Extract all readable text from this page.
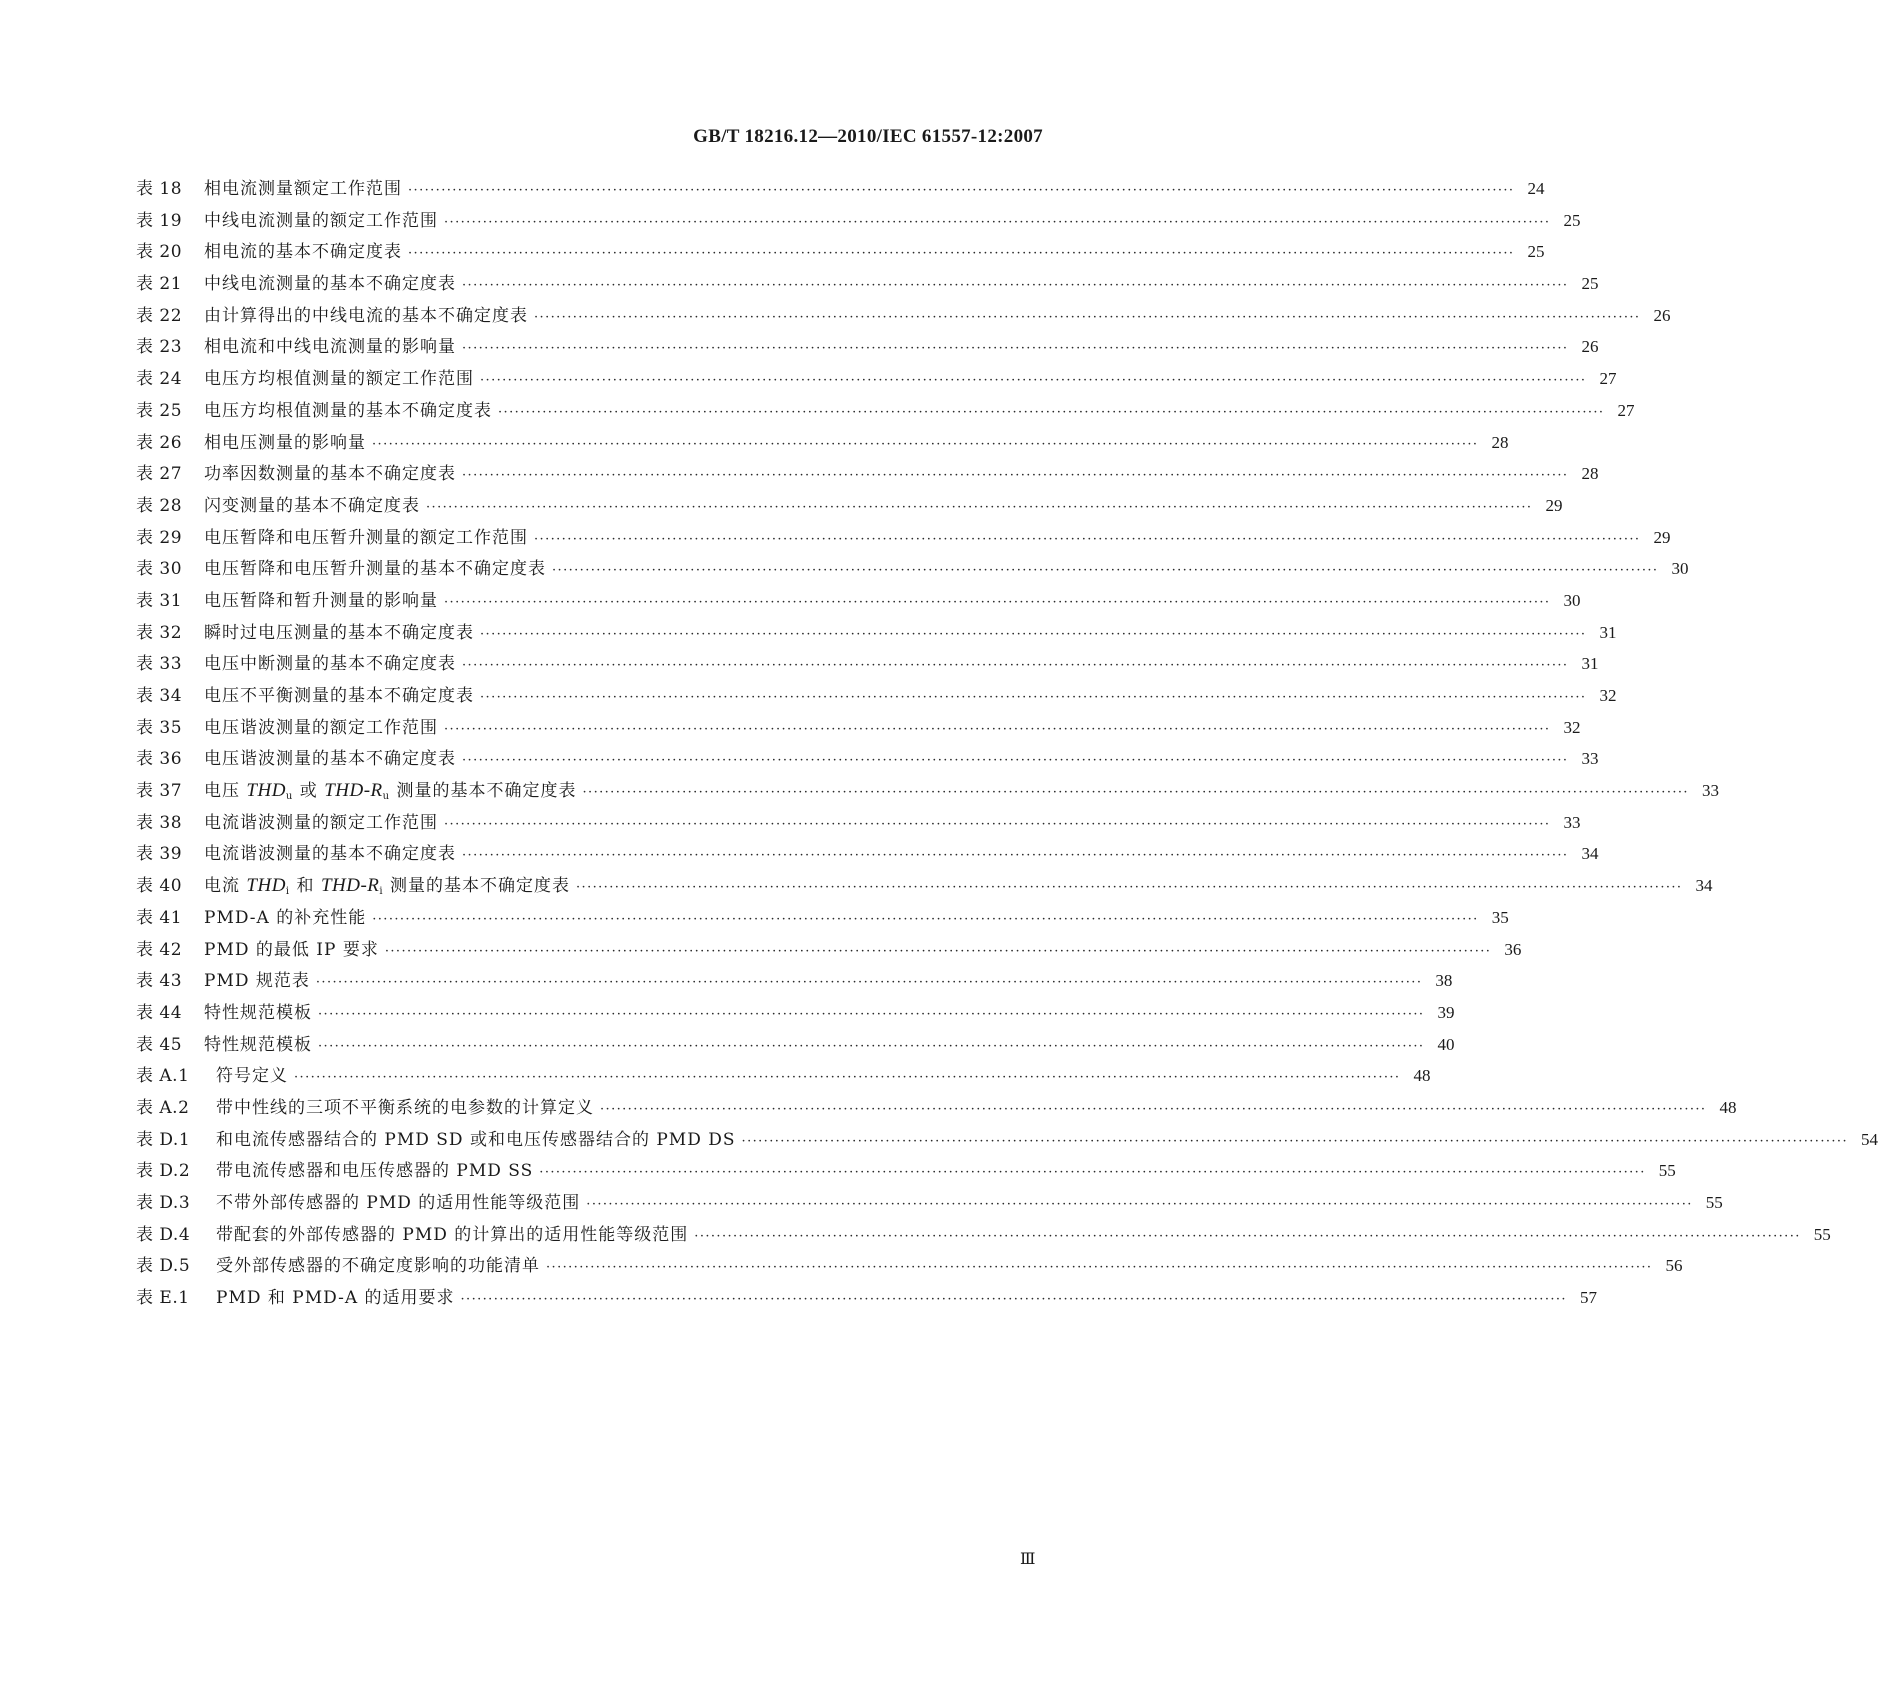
GB/T 18216.12—2010/IEC 61557-12:2007
表 18	相电流测量额定工作范围 ········································································································································································································ 24
表 19	中线电流测量的额定工作范围 ········································································································································································································ 25
表 20	相电流的基本不确定度表 ········································································································································································································ 25
表 21	中线电流测量的基本不确定度表 ········································································································································································································ 25
表 22	由计算得出的中线电流的基本不确定度表 ········································································································································································································ 26
表 23	相电流和中线电流测量的影响量 ········································································································································································································ 26
表 24	电压方均根值测量的额定工作范围 ········································································································································································································ 27
表 25	电压方均根值测量的基本不确定度表 ········································································································································································································ 27
表 26	相电压测量的影响量 ········································································································································································································ 28
表 27	功率因数测量的基本不确定度表 ········································································································································································································ 28
表 28	闪变测量的基本不确定度表 ········································································································································································································ 29
表 29	电压暂降和电压暂升测量的额定工作范围 ········································································································································································································ 29
表 30	电压暂降和电压暂升测量的基本不确定度表 ········································································································································································································ 30
表 31	电压暂降和暂升测量的影响量 ········································································································································································································ 30
表 32	瞬时过电压测量的基本不确定度表 ········································································································································································································ 31
表 33	电压中断测量的基本不确定度表 ········································································································································································································ 31
表 34	电压不平衡测量的基本不确定度表 ········································································································································································································ 32
表 35	电压谐波测量的额定工作范围 ········································································································································································································ 32
表 36	电压谐波测量的基本不确定度表 ········································································································································································································ 33
表 37	电压 $THD_u$ 或 THD-$R_u$ 测量的基本不确定度表 ········································································································································································································ 33
表 38	电流谐波测量的额定工作范围 ········································································································································································································ 33
表 39	电流谐波测量的基本不确定度表 ········································································································································································································ 34
表 40	电流 $THD_i$ 和 THD-$R_i$ 测量的基本不确定度表 ········································································································································································································ 34
表 41	PMD-A 的补充性能 ········································································································································································································ 35
表 42	PMD 的最低 IP 要求 ········································································································································································································ 36
表 43	PMD 规范表 ········································································································································································································ 38
表 44	特性规范模板 ········································································································································································································ 39
表 45	特性规范模板 ········································································································································································································ 40
表 A.1	符号定义 ········································································································································································································ 48
表 A.2	带中性线的三项不平衡系统的电参数的计算定义 ········································································································································································································ 48
表 D.1	和电流传感器结合的 PMD SD 或和电压传感器结合的 PMD DS ········································································································································································································ 54
表 D.2	带电流传感器和电压传感器的 PMD SS ········································································································································································································ 55
表 D.3	不带外部传感器的 PMD 的适用性能等级范围 ········································································································································································································ 55
表 D.4	带配套的外部传感器的 PMD 的计算出的适用性能等级范围 ········································································································································································································ 55
表 D.5	受外部传感器的不确定度影响的功能清单 ········································································································································································································ 56
表 E.1	PMD 和 PMD-A 的适用要求 ········································································································································································································ 57
Ⅲ
